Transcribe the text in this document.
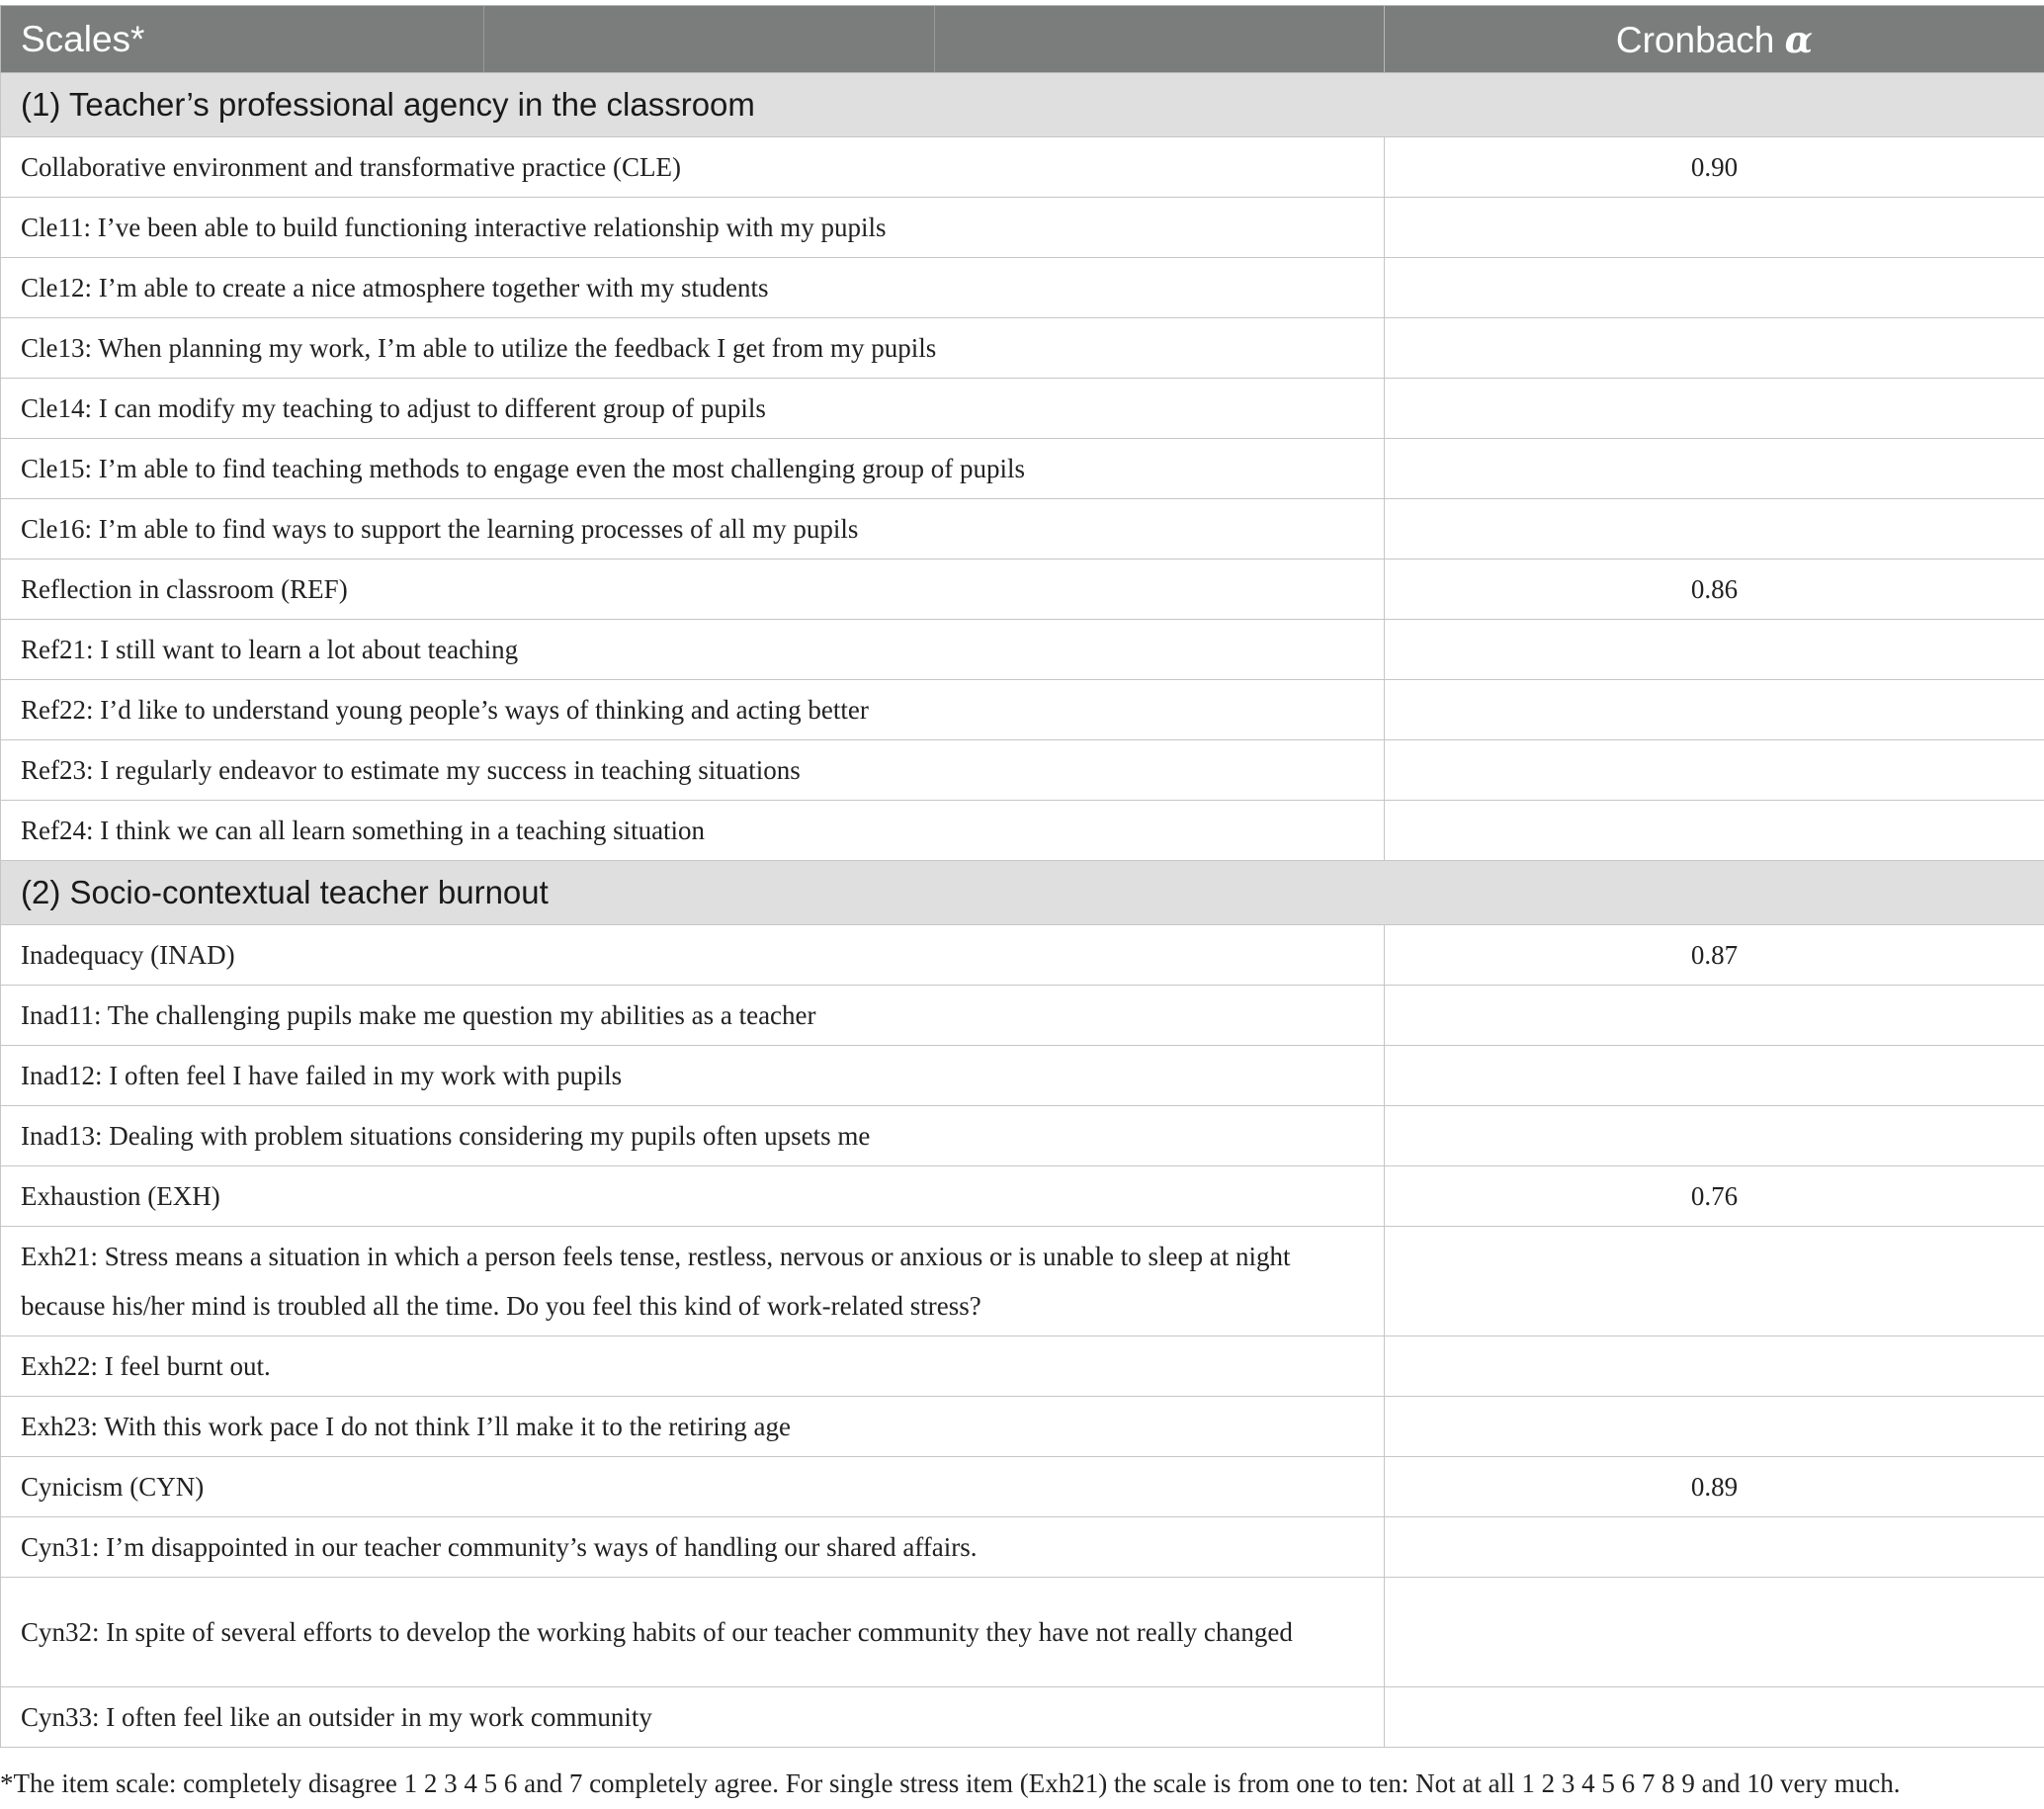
Scales*	Cronbach α
(1) Teacher’s professional agency in the classroom	
Collaborative environment and transformative practice (CLE)	0.90
Cle11: I’ve been able to build functioning interactive relationship with my pupils	
Cle12: I’m able to create a nice atmosphere together with my students	
Cle13: When planning my work, I’m able to utilize the feedback I get from my pupils	
Cle14: I can modify my teaching to adjust to different group of pupils	
Cle15: I’m able to find teaching methods to engage even the most challenging group of pupils	
Cle16: I’m able to find ways to support the learning processes of all my pupils	
Reflection in classroom (REF)	0.86
Ref21: I still want to learn a lot about teaching	
Ref22: I’d like to understand young people’s ways of thinking and acting better	
Ref23: I regularly endeavor to estimate my success in teaching situations	
Ref24: I think we can all learn something in a teaching situation	
(2) Socio-contextual teacher burnout	
Inadequacy (INAD)	0.87
Inad11: The challenging pupils make me question my abilities as a teacher	
Inad12: I often feel I have failed in my work with pupils	
Inad13: Dealing with problem situations considering my pupils often upsets me	
Exhaustion (EXH)	0.76
Exh21: Stress means a situation in which a person feels tense, restless, nervous or anxious or is unable to sleep at night because his/her mind is troubled all the time. Do you feel this kind of work-related stress?	
Exh22: I feel burnt out.	
Exh23: With this work pace I do not think I’ll make it to the retiring age	
Cynicism (CYN)	0.89
Cyn31: I’m disappointed in our teacher community’s ways of handling our shared affairs.	
Cyn32: In spite of several efforts to develop the working habits of our teacher community they have not really changed	
Cyn33: I often feel like an outsider in my work community	
*The item scale: completely disagree 1 2 3 4 5 6 and 7 completely agree. For single stress item (Exh21) the scale is from one to ten: Not at all 1 2 3 4 5 6 7 8 9 and 10 very much.
